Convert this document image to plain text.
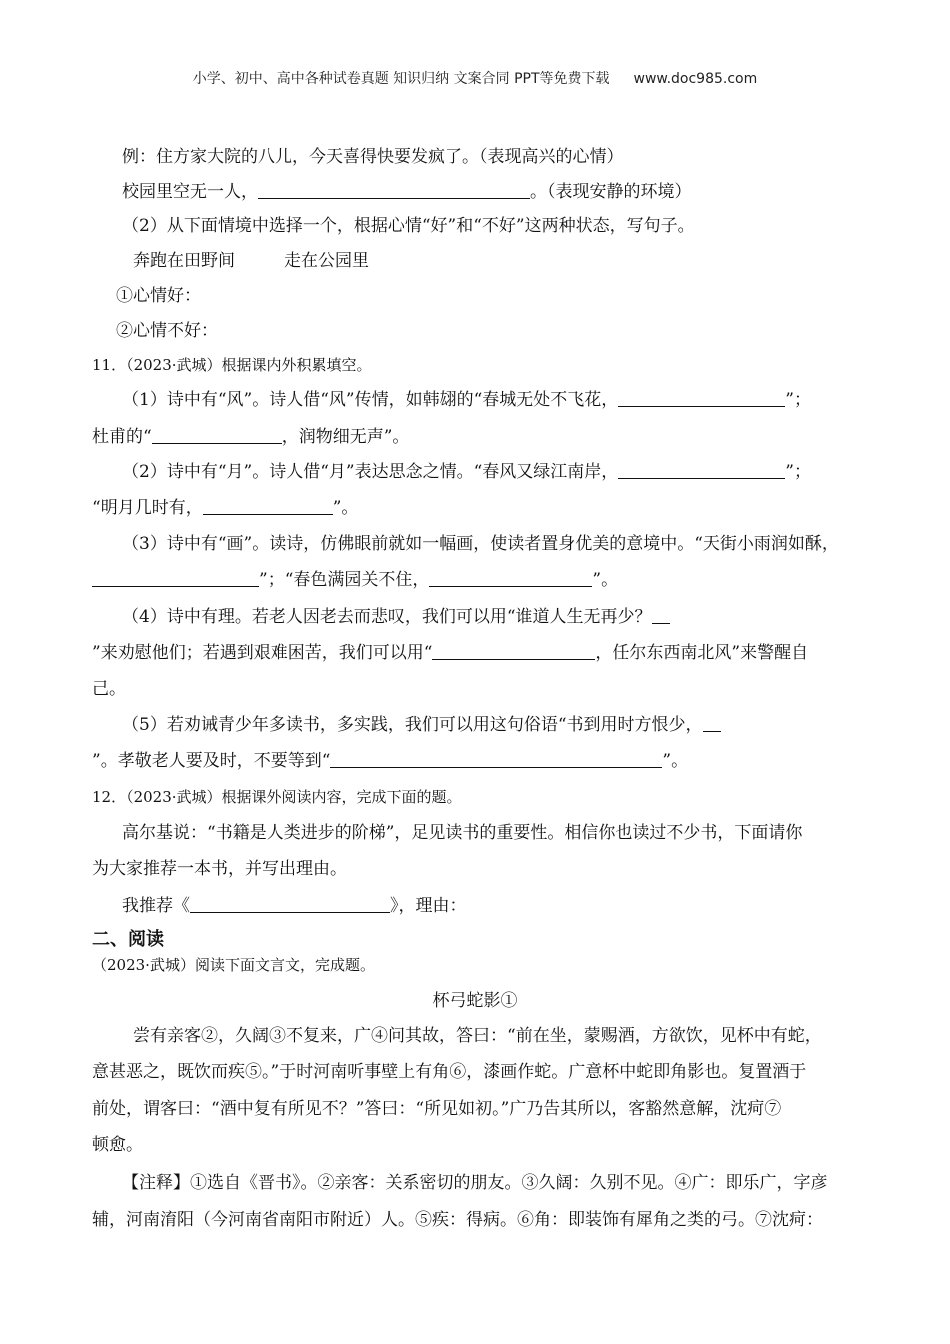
小学、初中、高中各种试卷真题 知识归纳 文案合同 PPT等免费下载 www.doc985.com
例：住方家大院的八儿，今天喜得快要发疯了。（表现高兴的心情）
校园里空无一人，	。（表现安静的环境）
（2）从下面情境中选择一个，根据心情“好”和“不好”这两种状态，写句子。
奔跑在田野间	走在公园里
①心情好：
②心情不好：
11．（2023·武城）根据课内外积累填空。
（1）诗中有“风”。诗人借“风”传情，如韩翃的“春城无处不飞花，	”；
杜甫的“	，润物细无声”。
（2）诗中有“月”。诗人借“月”表达思念之情。“春风又绿江南岸，	”；
“明月几时有，	”。
（3）诗中有“画”。读诗，仿佛眼前就如一幅画，使读者置身优美的意境中。“天街小雨润如酥，
”；“春色满园关不住，	”。
（4）诗中有理。若老人因老去而悲叹，我们可以用“谁道人生无再少？
”来劝慰他们；若遇到艰难困苦，我们可以用“	，任尔东西南北风”来警醒自
己。
（5）若劝诫青少年多读书，多实践，我们可以用这句俗语“书到用时方恨少，
”。孝敬老人要及时，不要等到“	”。
12．（2023·武城）根据课外阅读内容，完成下面的题。
高尔基说：“书籍是人类进步的阶梯”，足见读书的重要性。相信你也读过不少书，下面请你
为大家推荐一本书，并写出理由。
我推荐《	》，理由：
二、阅读
（2023·武城）阅读下面文言文，完成题。
杯弓蛇影①
尝有亲客②，久阔③不复来，广④问其故，答曰：“前在坐，蒙赐酒，方欲饮，见杯中有蛇，
意甚恶之，既饮而疾⑤。”于时河南听事壁上有角⑥，漆画作蛇。广意杯中蛇即角影也。复置酒于
前处，谓客曰：“酒中复有所见不？”答曰：“所见如初。”广乃告其所以，客豁然意解，沈疴⑦
顿愈。
【注释】①选自《晋书》。②亲客：关系密切的朋友。③久阔：久别不见。④广：即乐广，字彦
辅，河南淯阳（今河南省南阳市附近）人。⑤疾：得病。⑥角：即装饰有犀角之类的弓。⑦沈疴：
